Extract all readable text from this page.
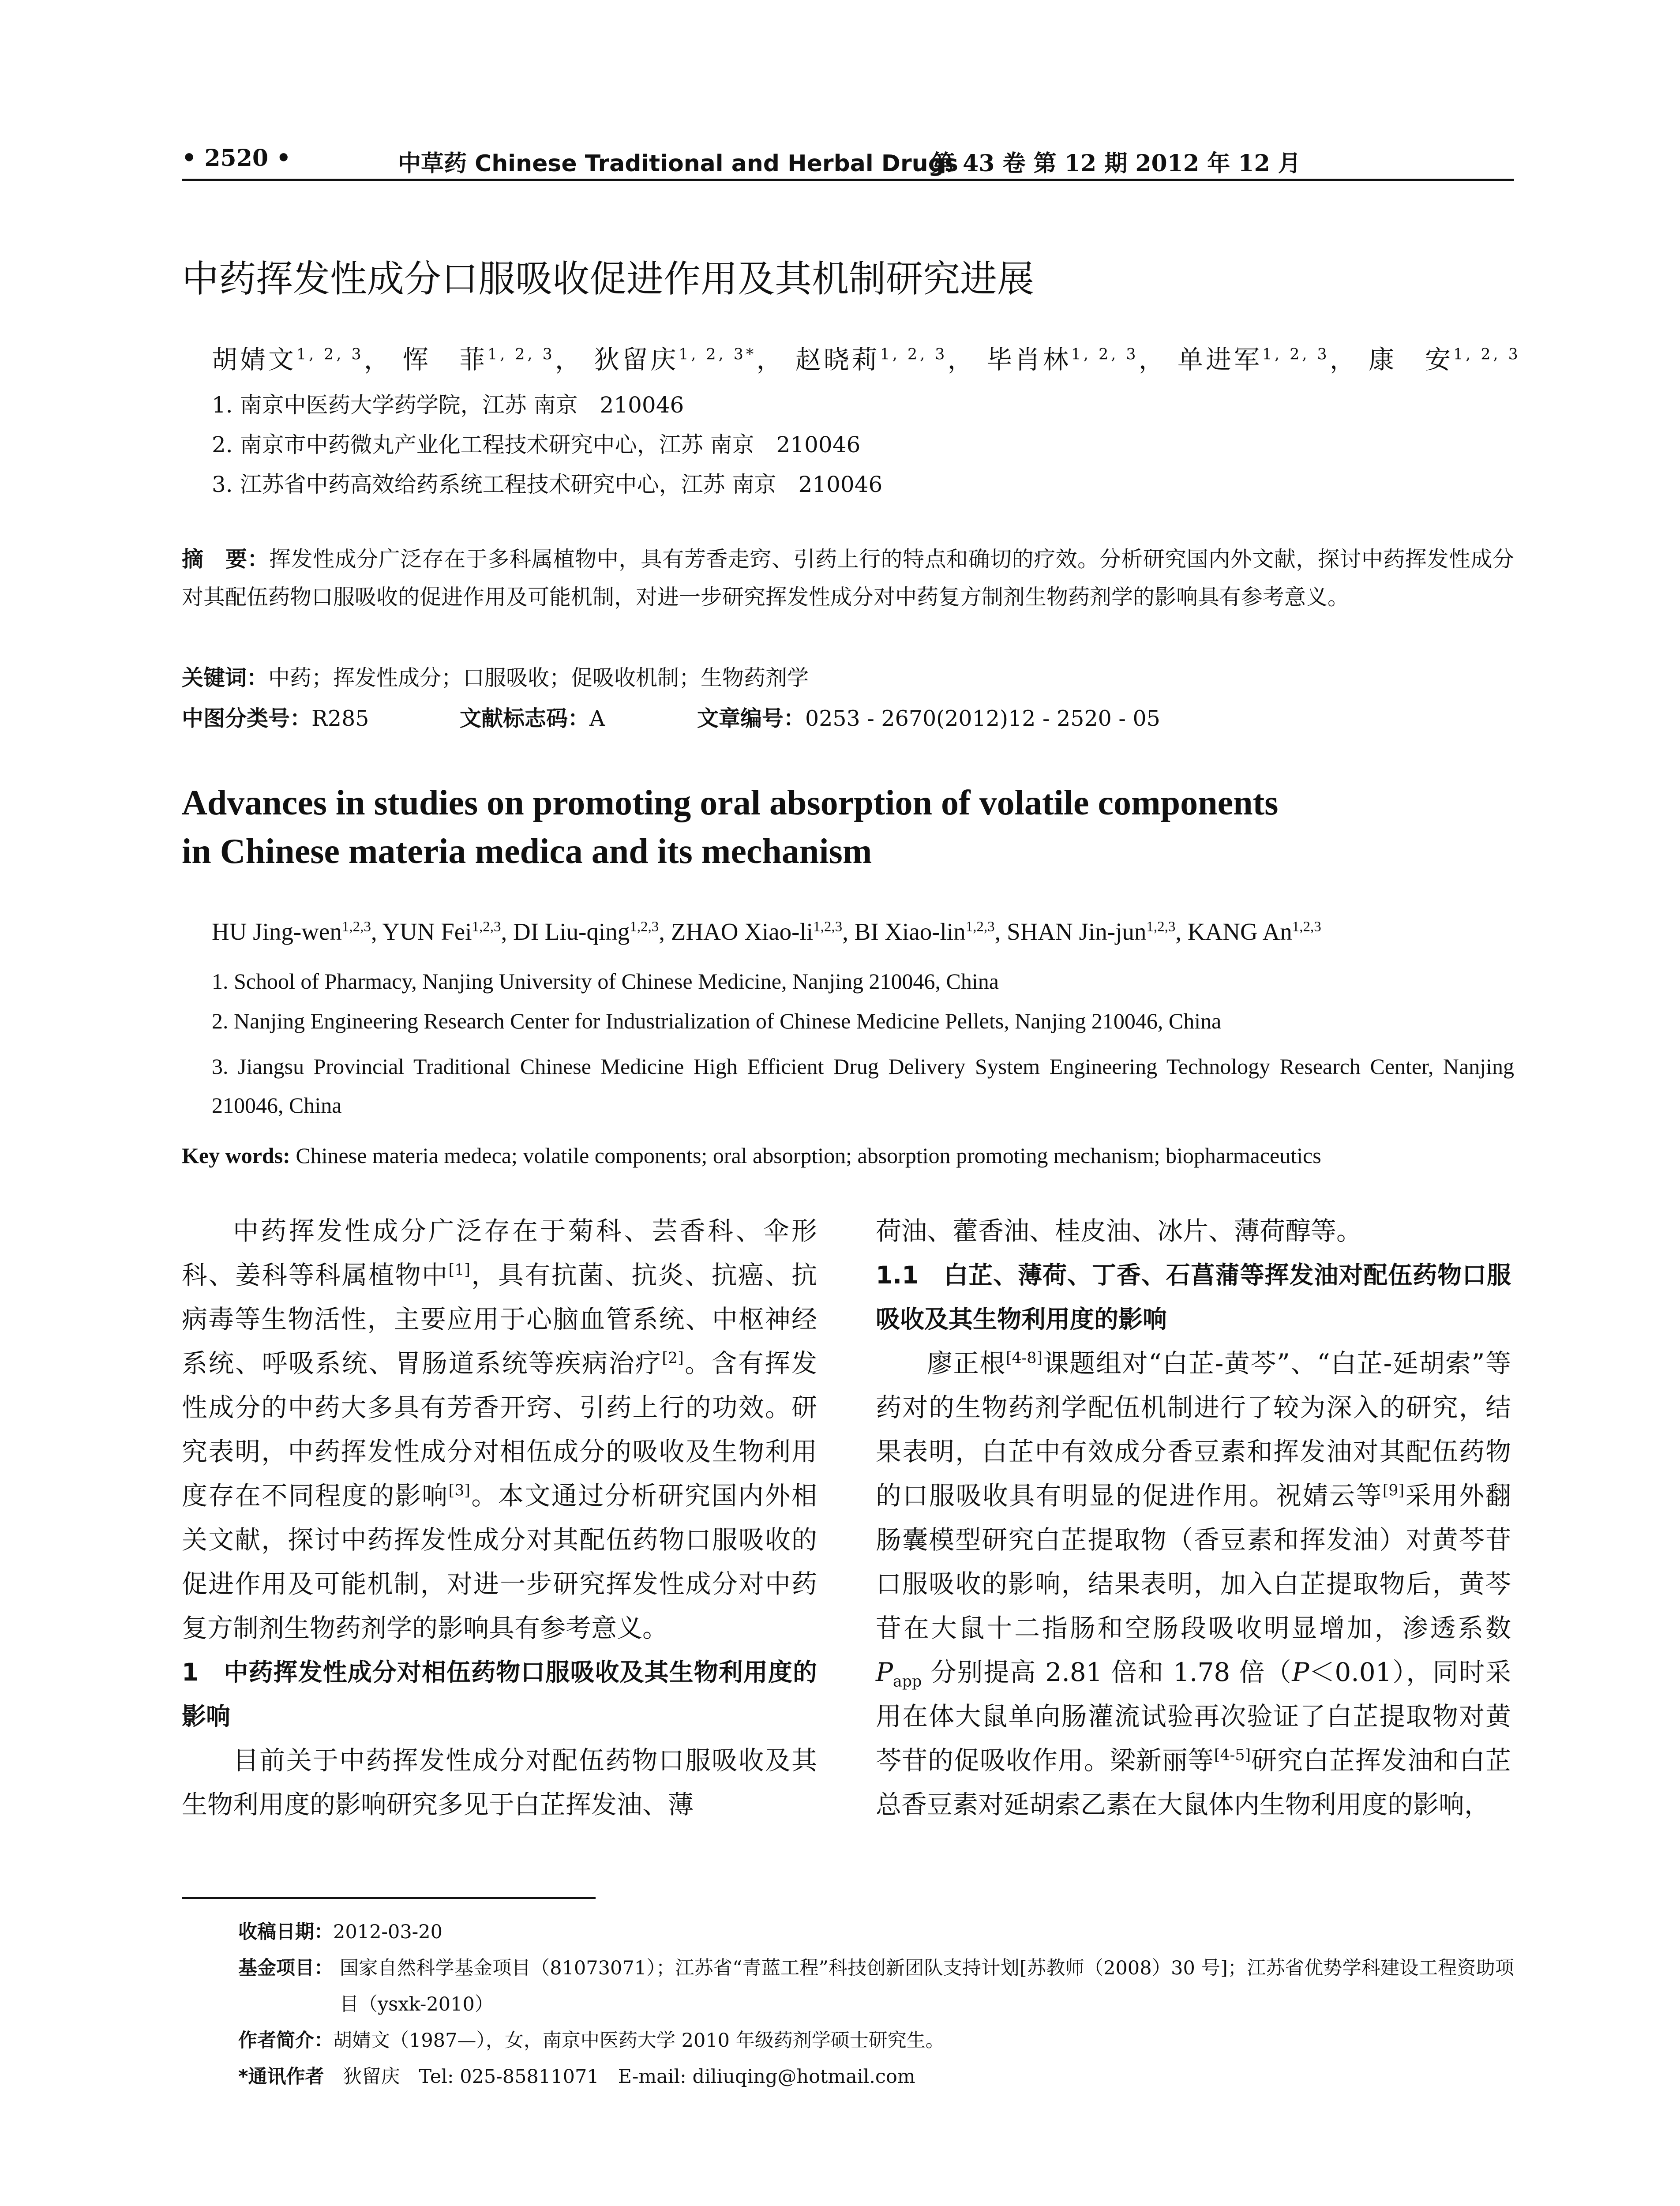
• 2520 •	中草药 Chinese Traditional and Herbal Drugs
第 43 卷 第 12 期 2012 年 12 月
中药挥发性成分口服吸收促进作用及其机制研究进展
胡婧文$^{1, 2, 3}$， 恽　菲$^{1, 2, 3}$， 狄留庆$^{1, 2, 3*}$， 赵晓莉$^{1, 2, 3}$， 毕肖林$^{1, 2, 3}$， 单进军$^{1, 2, 3}$， 康　安$^{1, 2, 3}$
1. 南京中医药大学药学院，江苏 南京　210046
2. 南京市中药微丸产业化工程技术研究中心，江苏 南京　210046
3. 江苏省中药高效给药系统工程技术研究中心，江苏 南京　210046
摘　要：挥发性成分广泛存在于多科属植物中，具有芳香走窍、引药上行的特点和确切的疗效。分析研究国内外文献，探讨中药挥发性成分对其配伍药物口服吸收的促进作用及可能机制，对进一步研究挥发性成分对中药复方制剂生物药剂学的影响具有参考意义。
关键词：中药；挥发性成分；口服吸收；促吸收机制；生物药剂学
中图分类号：R285	文献标志码：A	文章编号：0253 - 2670(2012)12 - 2520 - 05
Advances in studies on promoting oral absorption of volatile components
in Chinese materia medica and its mechanism
HU Jing-wen$^{1,2,3}$, YUN Fei$^{1,2,3}$, DI Liu-qing$^{1,2,3}$, ZHAO Xiao-li$^{1,2,3}$, BI Xiao-lin$^{1,2,3}$, SHAN Jin-jun$^{1,2,3}$, KANG An$^{1,2,3}$
1. School of Pharmacy, Nanjing University of Chinese Medicine, Nanjing 210046, China
2. Nanjing Engineering Research Center for Industrialization of Chinese Medicine Pellets, Nanjing 210046, China
3. Jiangsu Provincial Traditional Chinese Medicine High Efficient Drug Delivery System Engineering Technology Research Center, Nanjing 210046, China
Key words: Chinese materia medeca; volatile components; oral absorption; absorption promoting mechanism; biopharmaceutics

中药挥发性成分广泛存在于菊科、芸香科、伞形科、姜科等科属植物中[1]，具有抗菌、抗炎、抗癌、抗病毒等生物活性，主要应用于心脑血管系统、中枢神经系统、呼吸系统、胃肠道系统等疾病治疗[2]。含有挥发性成分的中药大多具有芳香开窍、引药上行的功效。研究表明，中药挥发性成分对相伍成分的吸收及生物利用度存在不同程度的影响[3]。本文通过分析研究国内外相关文献，探讨中药挥发性成分对其配伍药物口服吸收的促进作用及可能机制，对进一步研究挥发性成分对中药复方制剂生物药剂学的影响具有参考意义。

1　中药挥发性成分对相伍药物口服吸收及其生物利用度的影响

目前关于中药挥发性成分对配伍药物口服吸收及其生物利用度的影响研究多见于白芷挥发油、薄

荷油、藿香油、桂皮油、冰片、薄荷醇等。

1.1　白芷、薄荷、丁香、石菖蒲等挥发油对配伍药物口服吸收及其生物利用度的影响

廖正根[4-8]课题组对“白芷-黄芩”、“白芷-延胡索”等药对的生物药剂学配伍机制进行了较为深入的研究，结果表明，白芷中有效成分香豆素和挥发油对其配伍药物的口服吸收具有明显的促进作用。祝婧云等[9]采用外翻肠囊模型研究白芷提取物（香豆素和挥发油）对黄芩苷口服吸收的影响，结果表明，加入白芷提取物后，黄芩苷在大鼠十二指肠和空肠段吸收明显增加，渗透系数 $P_{app}$ 分别提高 2.81 倍和 1.78 倍（P＜0.01），同时采用在体大鼠单向肠灌流试验再次验证了白芷提取物对黄芩苷的促吸收作用。梁新丽等[4-5]研究白芷挥发油和白芷总香豆素对延胡索乙素在大鼠体内生物利用度的影响，

收稿日期：2012-03-20
基金项目： 国家自然科学基金项目（81073071）；江苏省“青蓝工程”科技创新团队支持计划[苏教师（2008）30 号]；江苏省优势学科建设工程资助项目（ysxk-2010）
作者简介：胡婧文（1987—），女，南京中医药大学 2010 年级药剂学硕士研究生。
*通讯作者　 狄留庆　Tel: 025-85811071　E-mail: diliuqing@hotmail.com
